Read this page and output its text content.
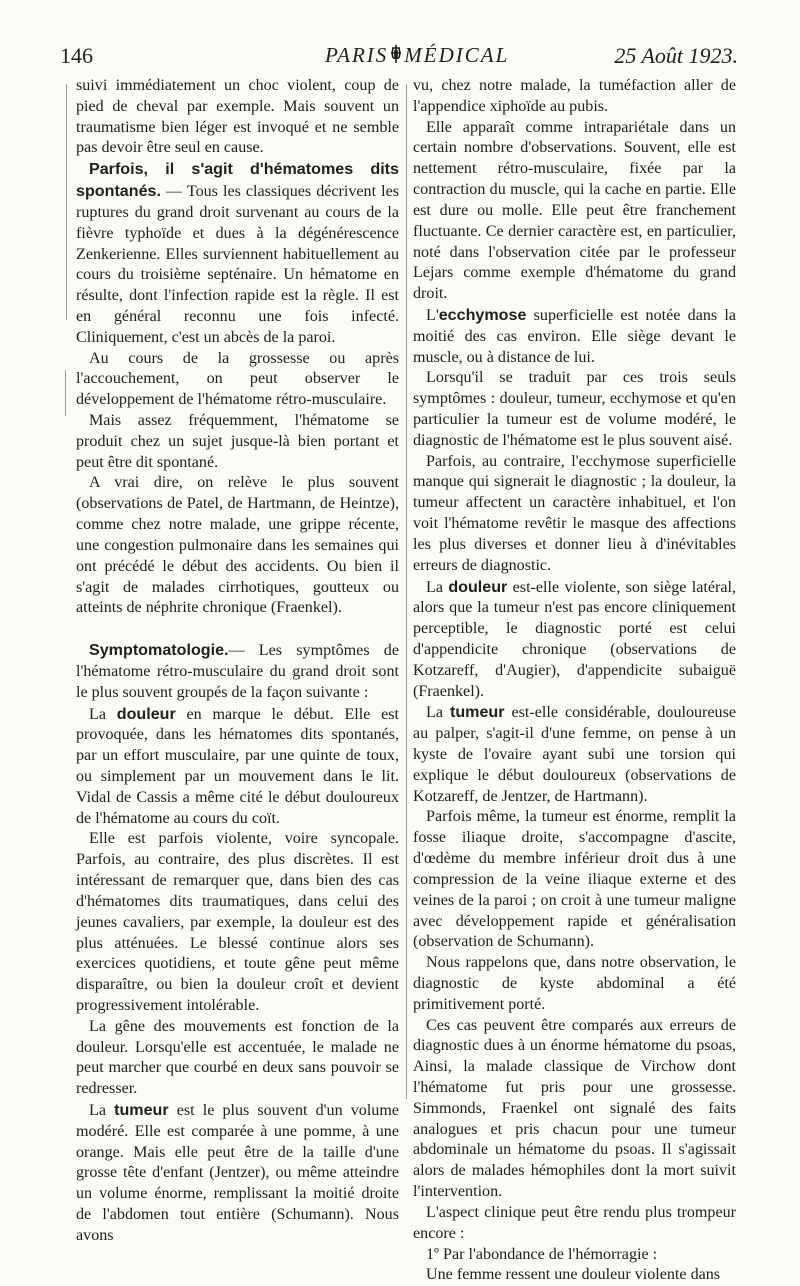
146	PARIS MÉDICAL	25 Août 1923.

suivi immédiatement un choc violent, coup de pied de cheval par exemple. Mais souvent un traumatisme bien léger est invoqué et ne semble pas devoir être seul en cause.

Parfois, il s'agit d'hématomes dits spontanés. — Tous les classiques décrivent les ruptures du grand droit survenant au cours de la fièvre typhoïde et dues à la dégénérescence Zenkerienne. Elles surviennent habituellement au cours du troisième septénaire. Un hématome en résulte, dont l'infection rapide est la règle. Il est en général reconnu une fois infecté. Cliniquement, c'est un abcès de la paroi.

Au cours de la grossesse ou après l'accouchement, on peut observer le développement de l'hématome rétro-musculaire.

Mais assez fréquemment, l'hématome se produit chez un sujet jusque-là bien portant et peut être dit spontané.

A vrai dire, on relève le plus souvent (observations de Patel, de Hartmann, de Heintze), comme chez notre malade, une grippe récente, une congestion pulmonaire dans les semaines qui ont précédé le début des accidents. Ou bien il s'agit de malades cirrhotiques, goutteux ou atteints de néphrite chronique (Fraenkel).

Symptomatologie.— Les symptômes de l'hématome rétro-musculaire du grand droit sont le plus souvent groupés de la façon suivante :

La douleur en marque le début. Elle est provoquée, dans les hématomes dits spontanés, par un effort musculaire, par une quinte de toux, ou simplement par un mouvement dans le lit. Vidal de Cassis a même cité le début douloureux de l'hématome au cours du coït.

Elle est parfois violente, voire syncopale. Parfois, au contraire, des plus discrètes. Il est intéressant de remarquer que, dans bien des cas d'hématomes dits traumatiques, dans celui des jeunes cavaliers, par exemple, la douleur est des plus atténuées. Le blessé continue alors ses exercices quotidiens, et toute gêne peut même disparaître, ou bien la douleur croît et devient progressivement intolérable.

La gêne des mouvements est fonction de la douleur. Lorsqu'elle est accentuée, le malade ne peut marcher que courbé en deux sans pouvoir se redresser.

La tumeur est le plus souvent d'un volume modéré. Elle est comparée à une pomme, à une orange. Mais elle peut être de la taille d'une grosse tête d'enfant (Jentzer), ou même atteindre un volume énorme, remplissant la moitié droite de l'abdomen tout entière (Schumann). Nous avons

vu, chez notre malade, la tuméfaction aller de l'appendice xiphoïde au pubis.

Elle apparaît comme intrapariétale dans un certain nombre d'observations. Souvent, elle est nettement rétro-musculaire, fixée par la contraction du muscle, qui la cache en partie. Elle est dure ou molle. Elle peut être franchement fluctuante. Ce dernier caractère est, en particulier, noté dans l'observation citée par le professeur Lejars comme exemple d'hématome du grand droit.

L'ecchymose superficielle est notée dans la moitié des cas environ. Elle siège devant le muscle, ou à distance de lui.

Lorsqu'il se traduit par ces trois seuls symptômes : douleur, tumeur, ecchymose et qu'en particulier la tumeur est de volume modéré, le diagnostic de l'hématome est le plus souvent aisé.

Parfois, au contraire, l'ecchymose superficielle manque qui signerait le diagnostic ; la douleur, la tumeur affectent un caractère inhabituel, et l'on voit l'hématome revêtir le masque des affections les plus diverses et donner lieu à d'inévitables erreurs de diagnostic.

La douleur est-elle violente, son siège latéral, alors que la tumeur n'est pas encore cliniquement perceptible, le diagnostic porté est celui d'appendicite chronique (observations de Kotzareff, d'Augier), d'appendicite subaiguë (Fraenkel).

La tumeur est-elle considérable, douloureuse au palper, s'agit-il d'une femme, on pense à un kyste de l'ovaire ayant subi une torsion qui explique le début douloureux (observations de Kotzareff, de Jentzer, de Hartmann).

Parfois même, la tumeur est énorme, remplit la fosse iliaque droite, s'accompagne d'ascite, d'œdème du membre inférieur droit dus à une compression de la veine iliaque externe et des veines de la paroi ; on croit à une tumeur maligne avec développement rapide et généralisation (observation de Schumann).

Nous rappelons que, dans notre observation, le diagnostic de kyste abdominal a été primitivement porté.

Ces cas peuvent être comparés aux erreurs de diagnostic dues à un énorme hématome du psoas, Ainsi, la malade classique de Virchow dont l'hématome fut pris pour une grossesse. Simmonds, Fraenkel ont signalé des faits analogues et pris chacun pour une tumeur abdominale un hématome du psoas. Il s'agissait alors de malades hémophiles dont la mort suivit l'intervention.

L'aspect clinique peut être rendu plus trompeur encore :

1º Par l'abondance de l'hémorragie :

Une femme ressent une douleur violente dans
